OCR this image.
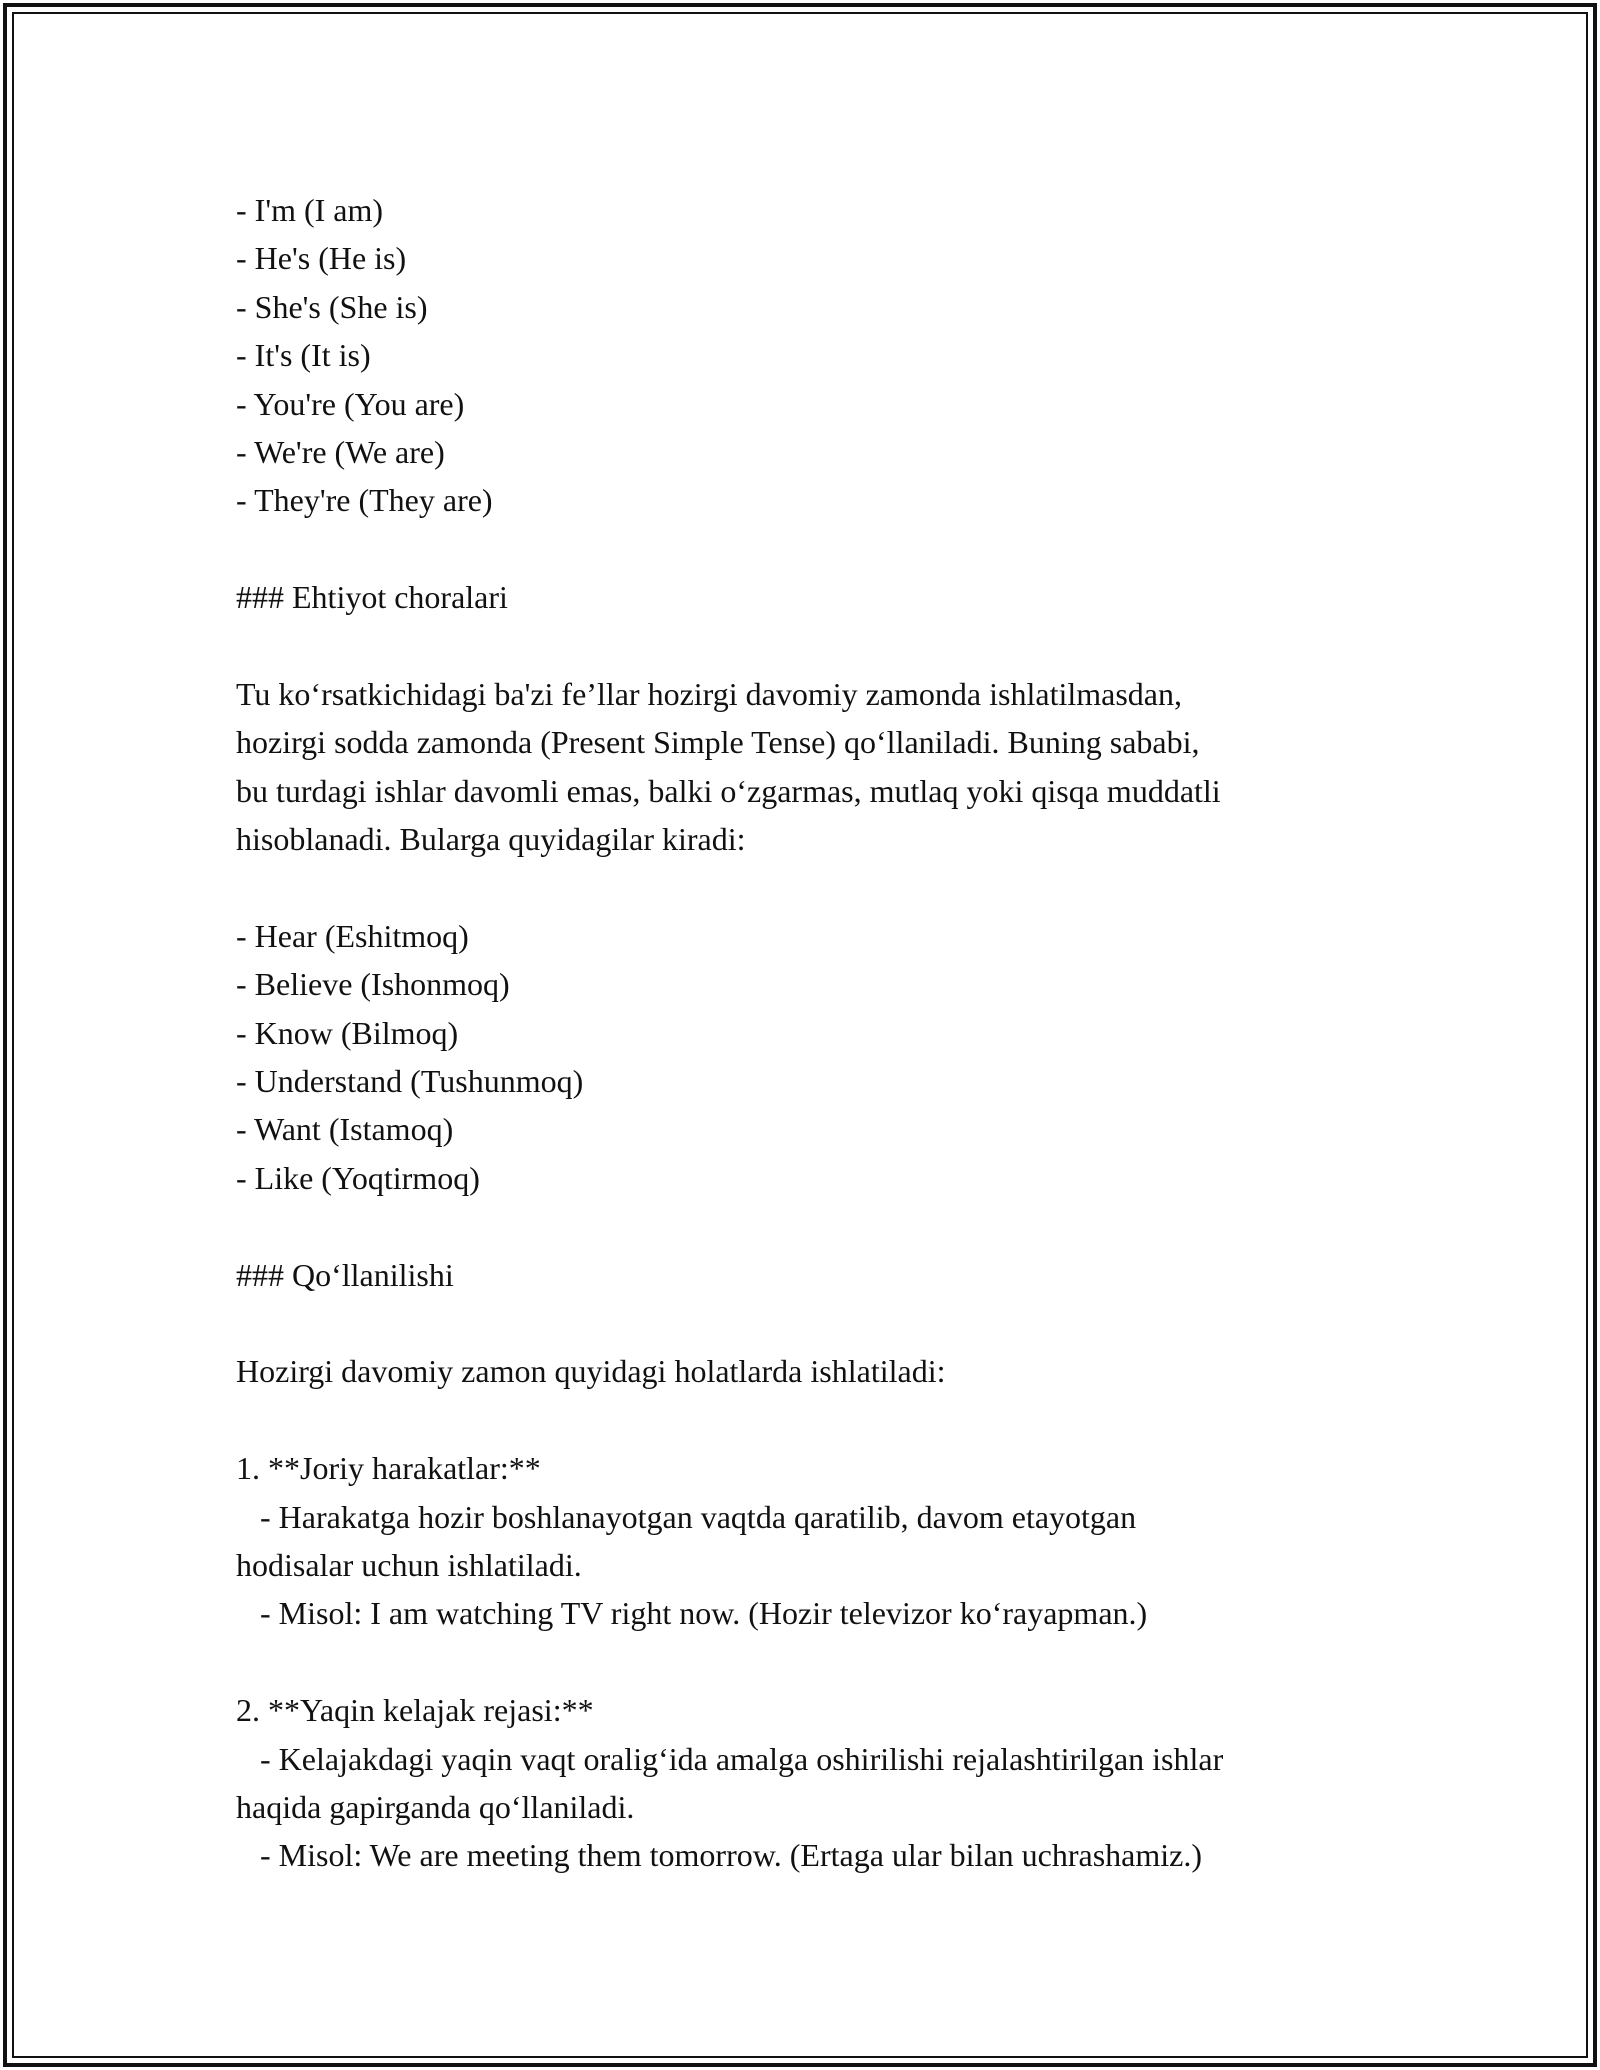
- I'm (I am)
- He's (He is)
- She's (She is)
- It's (It is)
- You're (You are)
- We're (We are)
- They're (They are)
### Ehtiyot choralari
Tu koʻrsatkichidagi ba'zi fe’llar hozirgi davomiy zamonda ishlatilmasdan,
hozirgi sodda zamonda (Present Simple Tense) qoʻllaniladi. Buning sababi,
bu turdagi ishlar davomli emas, balki oʻzgarmas, mutlaq yoki qisqa muddatli
hisoblanadi. Bularga quyidagilar kiradi:
- Hear (Eshitmoq)
- Believe (Ishonmoq)
- Know (Bilmoq)
- Understand (Tushunmoq)
- Want (Istamoq)
- Like (Yoqtirmoq)
### Qoʻllanilishi
Hozirgi davomiy zamon quyidagi holatlarda ishlatiladi:
1. **Joriy harakatlar:**
- Harakatga hozir boshlanayotgan vaqtda qaratilib, davom etayotgan
hodisalar uchun ishlatiladi.
- Misol: I am watching TV right now. (Hozir televizor koʻrayapman.)
2. **Yaqin kelajak rejasi:**
- Kelajakdagi yaqin vaqt oraligʻida amalga oshirilishi rejalashtirilgan ishlar
haqida gapirganda qoʻllaniladi.
- Misol: We are meeting them tomorrow. (Ertaga ular bilan uchrashamiz.)
